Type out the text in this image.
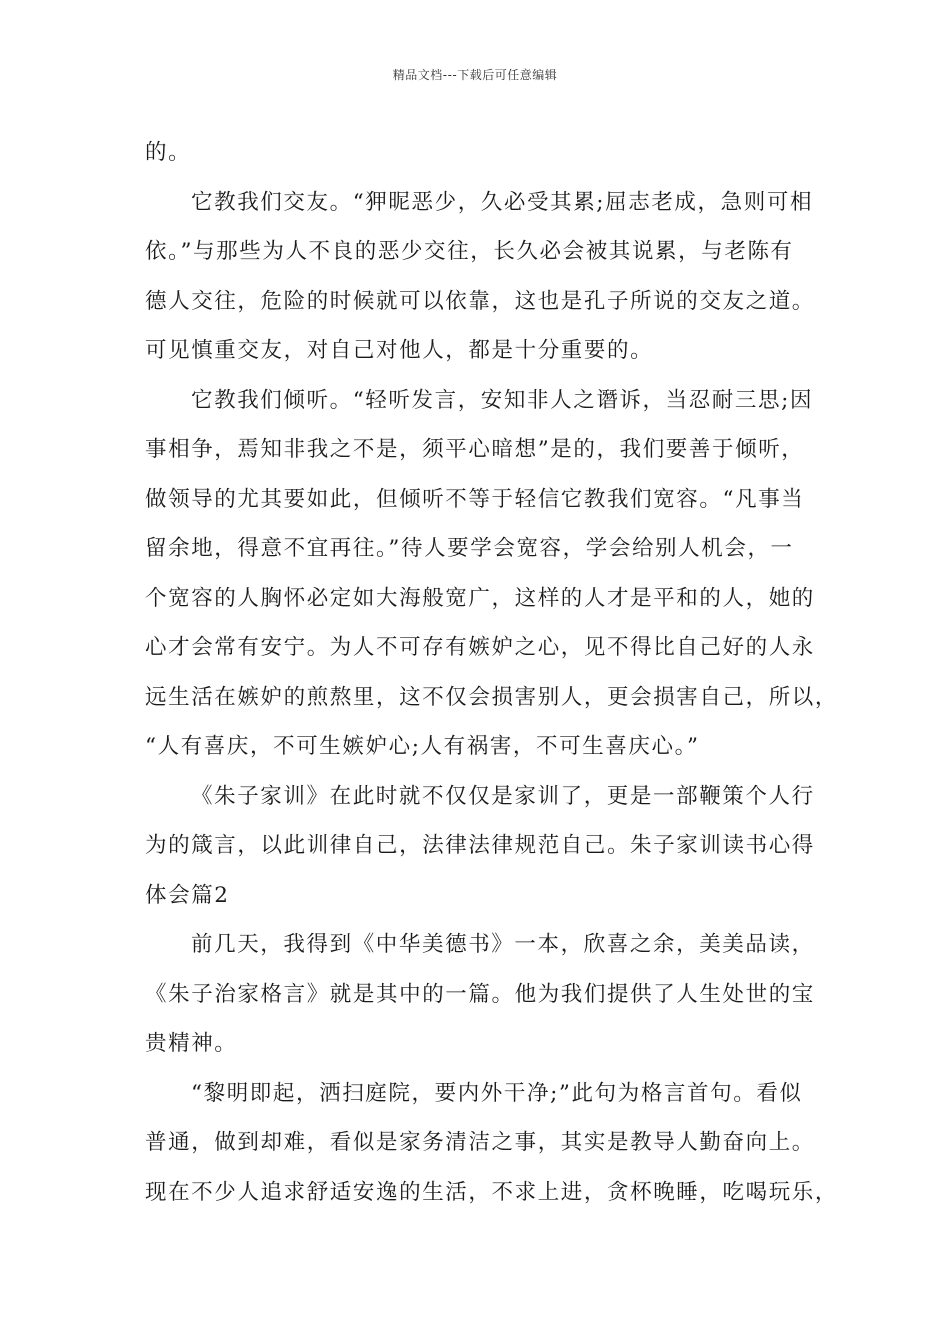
精品文档---下载后可任意编辑
的。
它教我们交友。“狎昵恶少，久必受其累;屈志老成，急则可相
依。”与那些为人不良的恶少交往，长久必会被其说累，与老陈有
德人交往，危险的时候就可以依靠，这也是孔子所说的交友之道。
可见慎重交友，对自己对他人，都是十分重要的。
它教我们倾听。“轻听发言，安知非人之谮诉，当忍耐三思;因
事相争，焉知非我之不是，须平心暗想”是的，我们要善于倾听，
做领导的尤其要如此，但倾听不等于轻信它教我们宽容。“凡事当
留余地，得意不宜再往。”待人要学会宽容，学会给别人机会，一
个宽容的人胸怀必定如大海般宽广，这样的人才是平和的人，她的
心才会常有安宁。为人不可存有嫉妒之心，见不得比自己好的人永
远生活在嫉妒的煎熬里，这不仅会损害别人，更会损害自己，所以，
“人有喜庆，不可生嫉妒心;人有祸害，不可生喜庆心。”
《朱子家训》在此时就不仅仅是家训了，更是一部鞭策个人行
为的箴言，以此训律自己，法律法律规范自己。朱子家训读书心得
体会篇2
前几天，我得到《中华美德书》一本，欣喜之余，美美品读，
《朱子治家格言》就是其中的一篇。他为我们提供了人生处世的宝
贵精神。
“黎明即起，洒扫庭院，要内外干净;”此句为格言首句。看似
普通，做到却难，看似是家务清洁之事，其实是教导人勤奋向上。
现在不少人追求舒适安逸的生活，不求上进，贪杯晚睡，吃喝玩乐，
